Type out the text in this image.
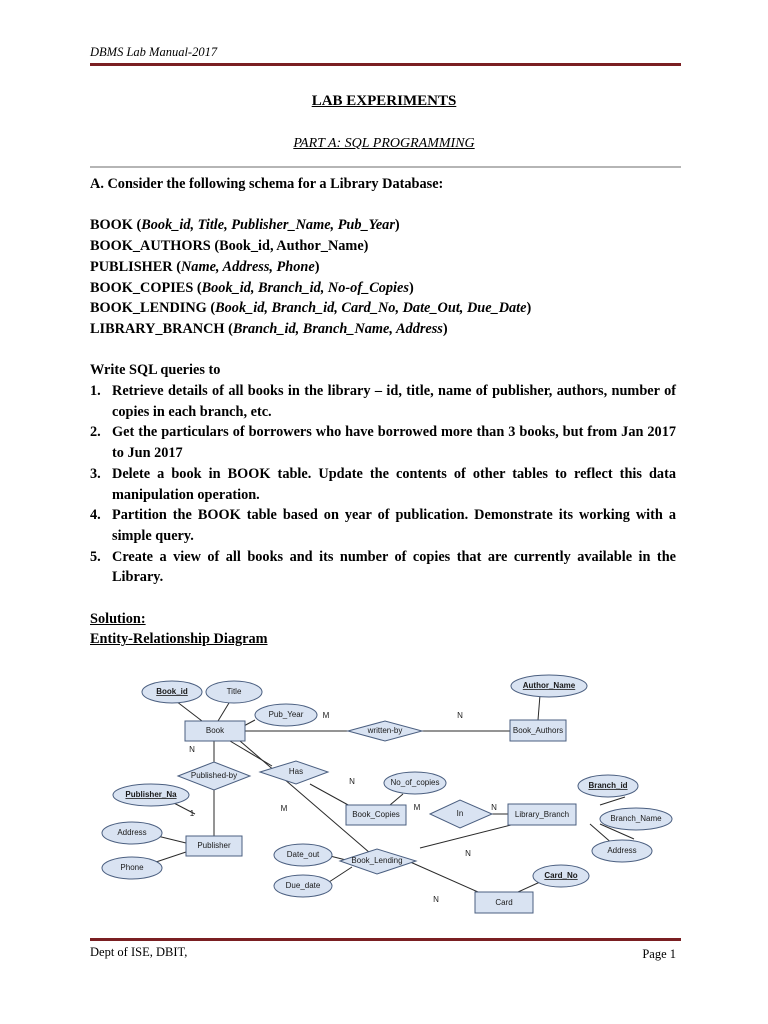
DBMS Lab Manual-2017
LAB EXPERIMENTS
PART A: SQL PROGRAMMING

A. Consider the following schema for a Library Database:

BOOK (Book_id, Title, Publisher_Name, Pub_Year)

BOOK_AUTHORS (Book_id, Author_Name)

PUBLISHER (Name, Address, Phone)

BOOK_COPIES (Book_id, Branch_id, No-of_Copies)

BOOK_LENDING (Book_id, Branch_id, Card_No, Date_Out, Due_Date)

LIBRARY_BRANCH (Branch_id, Branch_Name, Address)

Write SQL queries to

1. Retrieve details of all books in the library – id, title, name of publisher, authors, number of copies in each branch, etc.
2. Get the particulars of borrowers who have borrowed more than 3 books, but from Jan 2017 to Jun 2017
3. Delete a book in BOOK table. Update the contents of other tables to reflect this data manipulation operation.
4. Partition the BOOK table based on year of publication. Demonstrate its working with a simple query.
5. Create a view of all books and its number of copies that are currently available in the Library.

Solution:

Entity-Relationship Diagram

Book	Book_Authors
Publisher
Book_Copies	Library_Branch
Card
written-by
Published-by	Has
In
Book_Lending
Book_id	Title
Pub_Year
Author_Name
Publisher_Na
Address
Phone
No_of_copies	Branch_id
Branch_Name
Address
Date_out
Due_date
Card_No
M	N
N
1
N
M	M	N
N
N
Dept of ISE, DBIT,	Page 1
